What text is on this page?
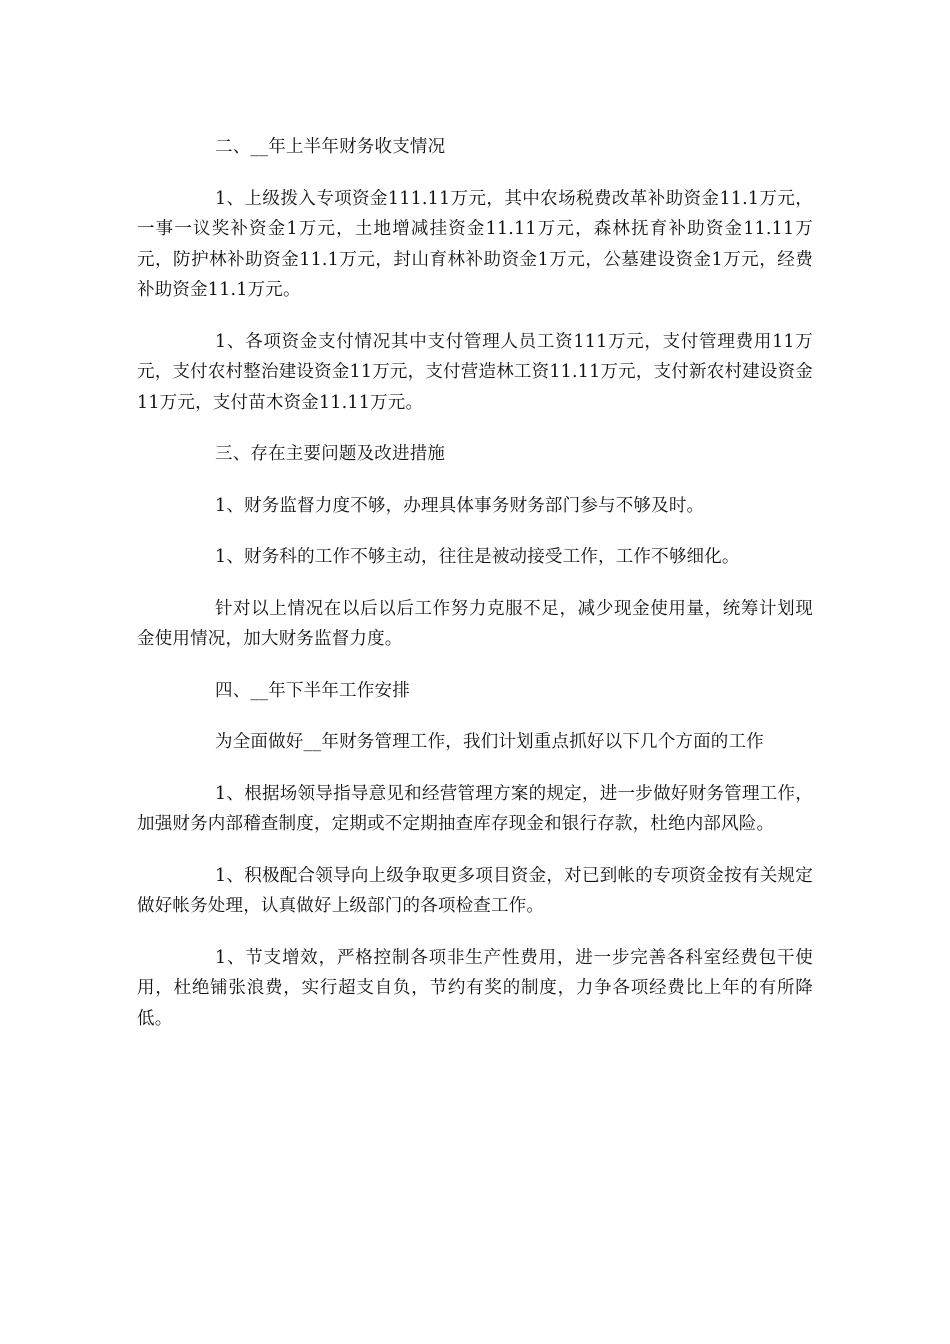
二、__年上半年财务收支情况

1、上级拨入专项资金111.11万元，其中农场税费改革补助资金11.1万元，一事一议奖补资金1万元，土地增减挂资金11.11万元，森林抚育补助资金11.11万元，防护林补助资金11.1万元，封山育林补助资金1万元，公墓建设资金1万元，经费补助资金11.1万元。

1、各项资金支付情况其中支付管理人员工资111万元，支付管理费用11万元，支付农村整治建设资金11万元，支付营造林工资11.11万元，支付新农村建设资金11万元，支付苗木资金11.11万元。

三、存在主要问题及改进措施

1、财务监督力度不够，办理具体事务财务部门参与不够及时。

1、财务科的工作不够主动，往往是被动接受工作，工作不够细化。

针对以上情况在以后以后工作努力克服不足，减少现金使用量，统筹计划现金使用情况，加大财务监督力度。

四、__年下半年工作安排

为全面做好__年财务管理工作，我们计划重点抓好以下几个方面的工作

1、根据场领导指导意见和经营管理方案的规定，进一步做好财务管理工作，加强财务内部稽查制度，定期或不定期抽查库存现金和银行存款，杜绝内部风险。

1、积极配合领导向上级争取更多项目资金，对已到帐的专项资金按有关规定做好帐务处理，认真做好上级部门的各项检查工作。

1、节支增效，严格控制各项非生产性费用，进一步完善各科室经费包干使用，杜绝铺张浪费，实行超支自负，节约有奖的制度，力争各项经费比上年的有所降低。
